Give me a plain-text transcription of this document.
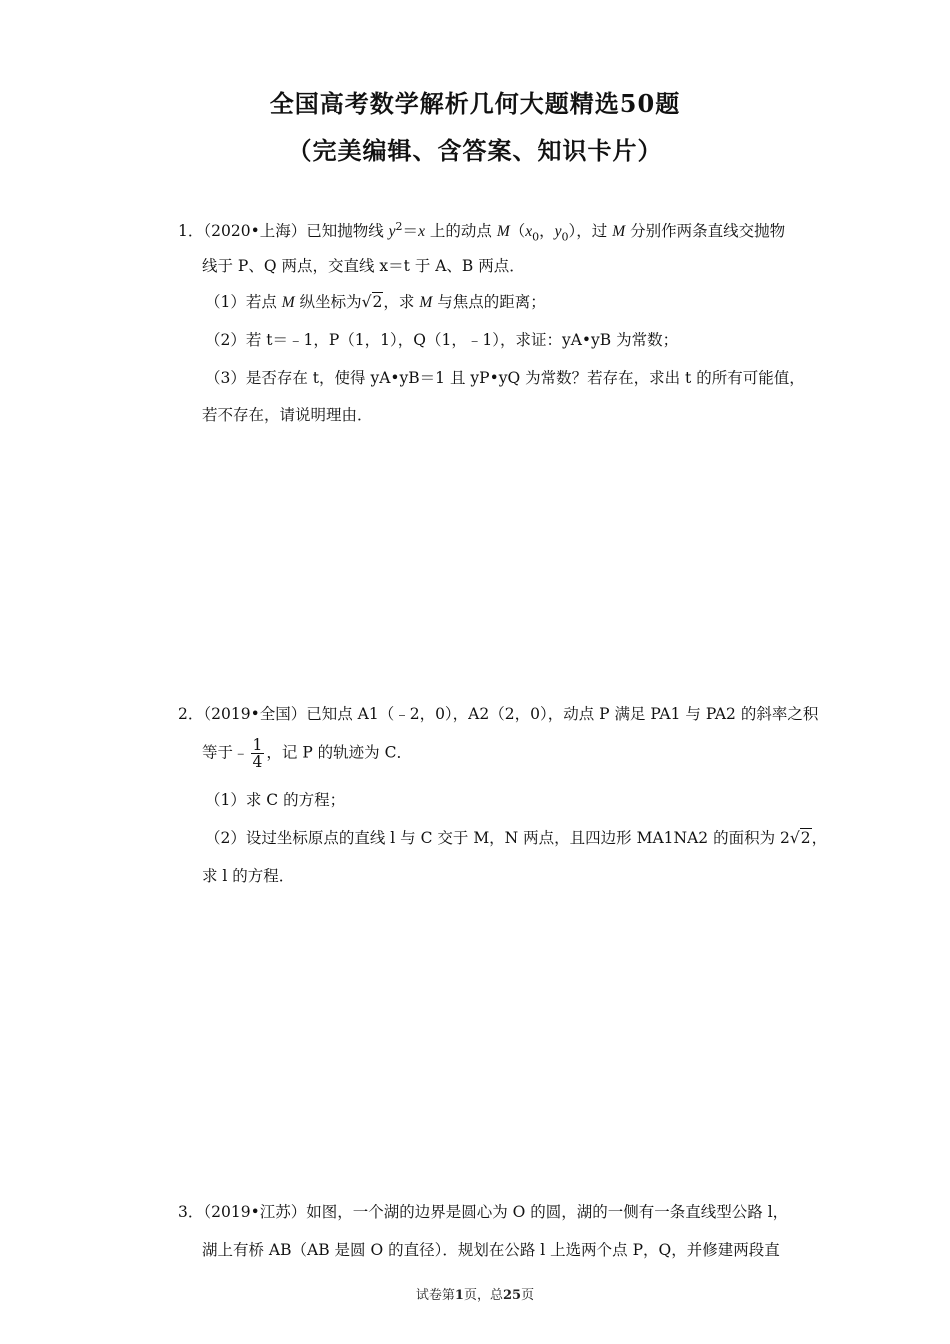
全国高考数学解析几何大题精选50题
（完美编辑、含答案、知识卡片）
1．（2020•上海）已知抛物线 $y^2=x$ 上的动点 $M(x_0$，$y_0$），过 M 分别作两条直线交抛物
线于 P、Q 两点，交直线 x＝t 于 A、B 两点．
（1）若点 M 纵坐标为√2，求 M 与焦点的距离；
（2）若 t＝﹣1，P（1，1），Q（1，﹣1），求证：yA•yB 为常数；
（3）是否存在 t，使得 yA•yB＝1 且 yP•yQ 为常数？若存在，求出 t 的所有可能值，
若不存在，请说明理由．
2．（2019•全国）已知点 A1（﹣2，0），A2（2，0），动点 P 满足 PA1 与 PA2 的斜率之积
等于﹣ $\frac{1}{4}$ ，记 P 的轨迹为 C．
（1）求 C 的方程；
（2）设过坐标原点的直线 l 与 C 交于 M，N 两点，且四边形 MA1NA2 的面积为 2√2，
求 l 的方程．
3．（2019•江苏）如图，一个湖的边界是圆心为 O 的圆，湖的一侧有一条直线型公路 l，
湖上有桥 AB（AB 是圆 O 的直径）．规划在公路 l 上选两个点 P，Q，并修建两段直
试卷第1页，总25页
